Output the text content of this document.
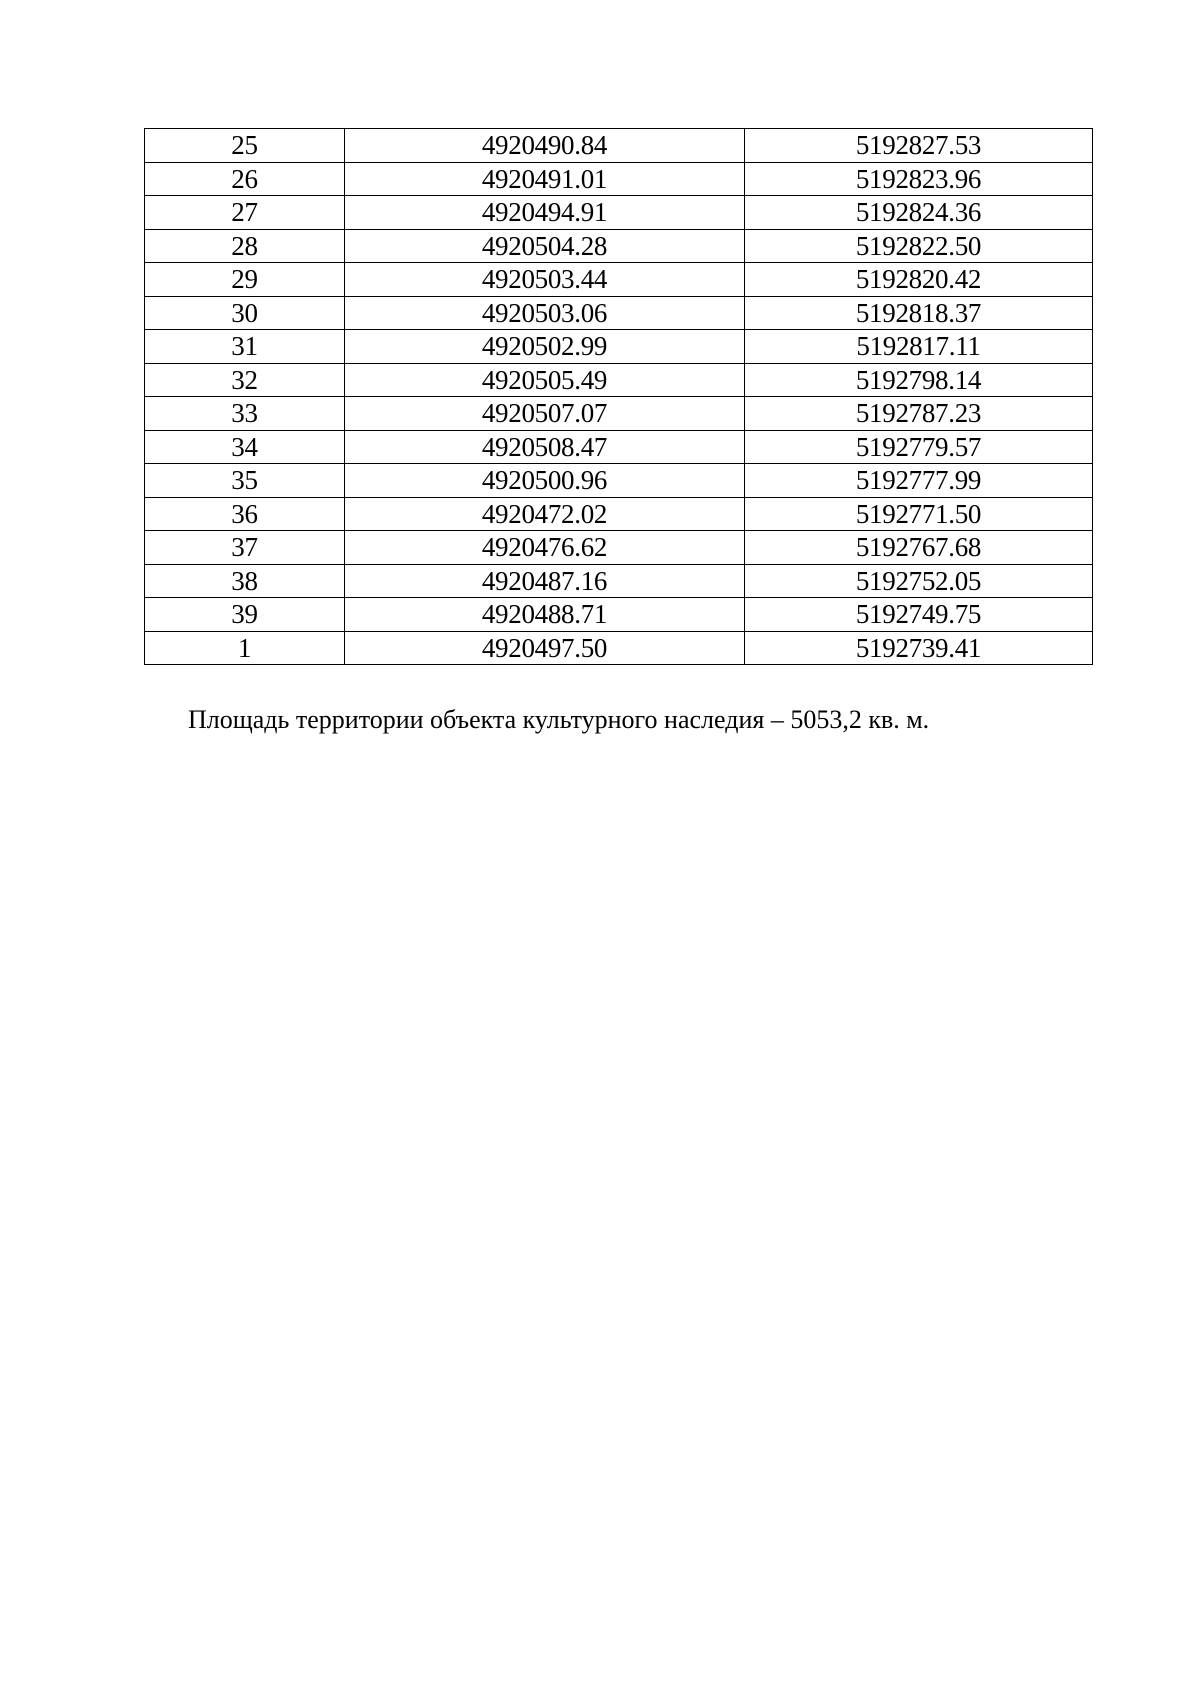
25	4920490.84	5192827.53
26	4920491.01	5192823.96
27	4920494.91	5192824.36
28	4920504.28	5192822.50
29	4920503.44	5192820.42
30	4920503.06	5192818.37
31	4920502.99	5192817.11
32	4920505.49	5192798.14
33	4920507.07	5192787.23
34	4920508.47	5192779.57
35	4920500.96	5192777.99
36	4920472.02	5192771.50
37	4920476.62	5192767.68
38	4920487.16	5192752.05
39	4920488.71	5192749.75
1	4920497.50	5192739.41

Площадь территории объекта культурного наследия – 5053,2 кв. м.
